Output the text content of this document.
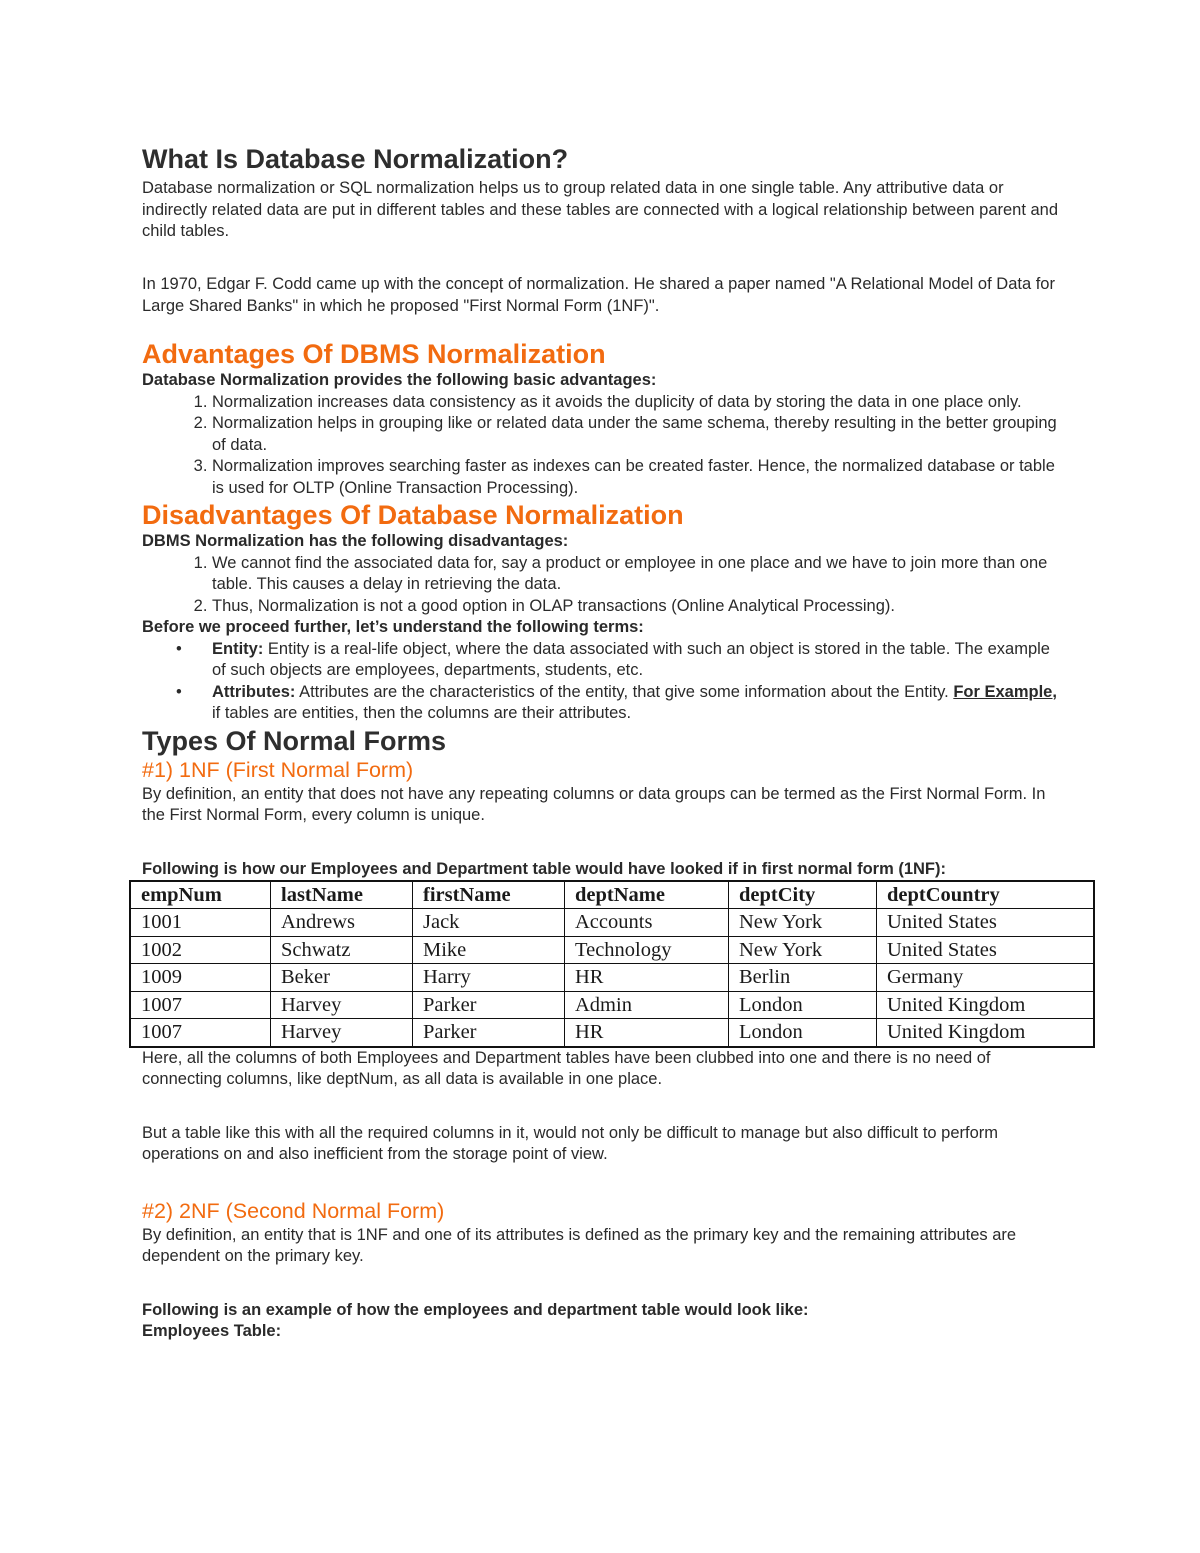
What Is Database Normalization?

Database normalization or SQL normalization helps us to group related data in one single table. Any attributive data or indirectly related data are put in different tables and these tables are connected with a logical relationship between parent and child tables.

In 1970, Edgar F. Codd came up with the concept of normalization. He shared a paper named "A Relational Model of Data for Large Shared Banks" in which he proposed "First Normal Form (1NF)".

Advantages Of DBMS Normalization

Database Normalization provides the following basic advantages:

1. Normalization increases data consistency as it avoids the duplicity of data by storing the data in one place only.
2. Normalization helps in grouping like or related data under the same schema, thereby resulting in the better grouping of data.
3. Normalization improves searching faster as indexes can be created faster. Hence, the normalized database or table is used for OLTP (Online Transaction Processing).
Disadvantages Of Database Normalization

DBMS Normalization has the following disadvantages:

1. We cannot find the associated data for, say a product or employee in one place and we have to join more than one table. This causes a delay in retrieving the data.
2. Thus, Normalization is not a good option in OLAP transactions (Online Analytical Processing).

Before we proceed further, let’s understand the following terms:

• Entity: Entity is a real-life object, where the data associated with such an object is stored in the table. The example of such objects are employees, departments, students, etc.
• Attributes: Attributes are the characteristics of the entity, that give some information about the Entity. For Example, if tables are entities, then the columns are their attributes.
Types Of Normal Forms
#1) 1NF (First Normal Form)

By definition, an entity that does not have any repeating columns or data groups can be termed as the First Normal Form. In the First Normal Form, every column is unique.

Following is how our Employees and Department table would have looked if in first normal form (1NF):

empNum	lastName	firstName	deptName	deptCity	deptCountry
1001	Andrews	Jack	Accounts	New York	United States
1002	Schwatz	Mike	Technology	New York	United States
1009	Beker	Harry	HR	Berlin	Germany
1007	Harvey	Parker	Admin	London	United Kingdom
1007	Harvey	Parker	HR	London	United Kingdom

Here, all the columns of both Employees and Department tables have been clubbed into one and there is no need of connecting columns, like deptNum, as all data is available in one place.

But a table like this with all the required columns in it, would not only be difficult to manage but also difficult to perform operations on and also inefficient from the storage point of view.

#2) 2NF (Second Normal Form)

By definition, an entity that is 1NF and one of its attributes is defined as the primary key and the remaining attributes are dependent on the primary key.

Following is an example of how the employees and department table would look like:

Employees Table:
